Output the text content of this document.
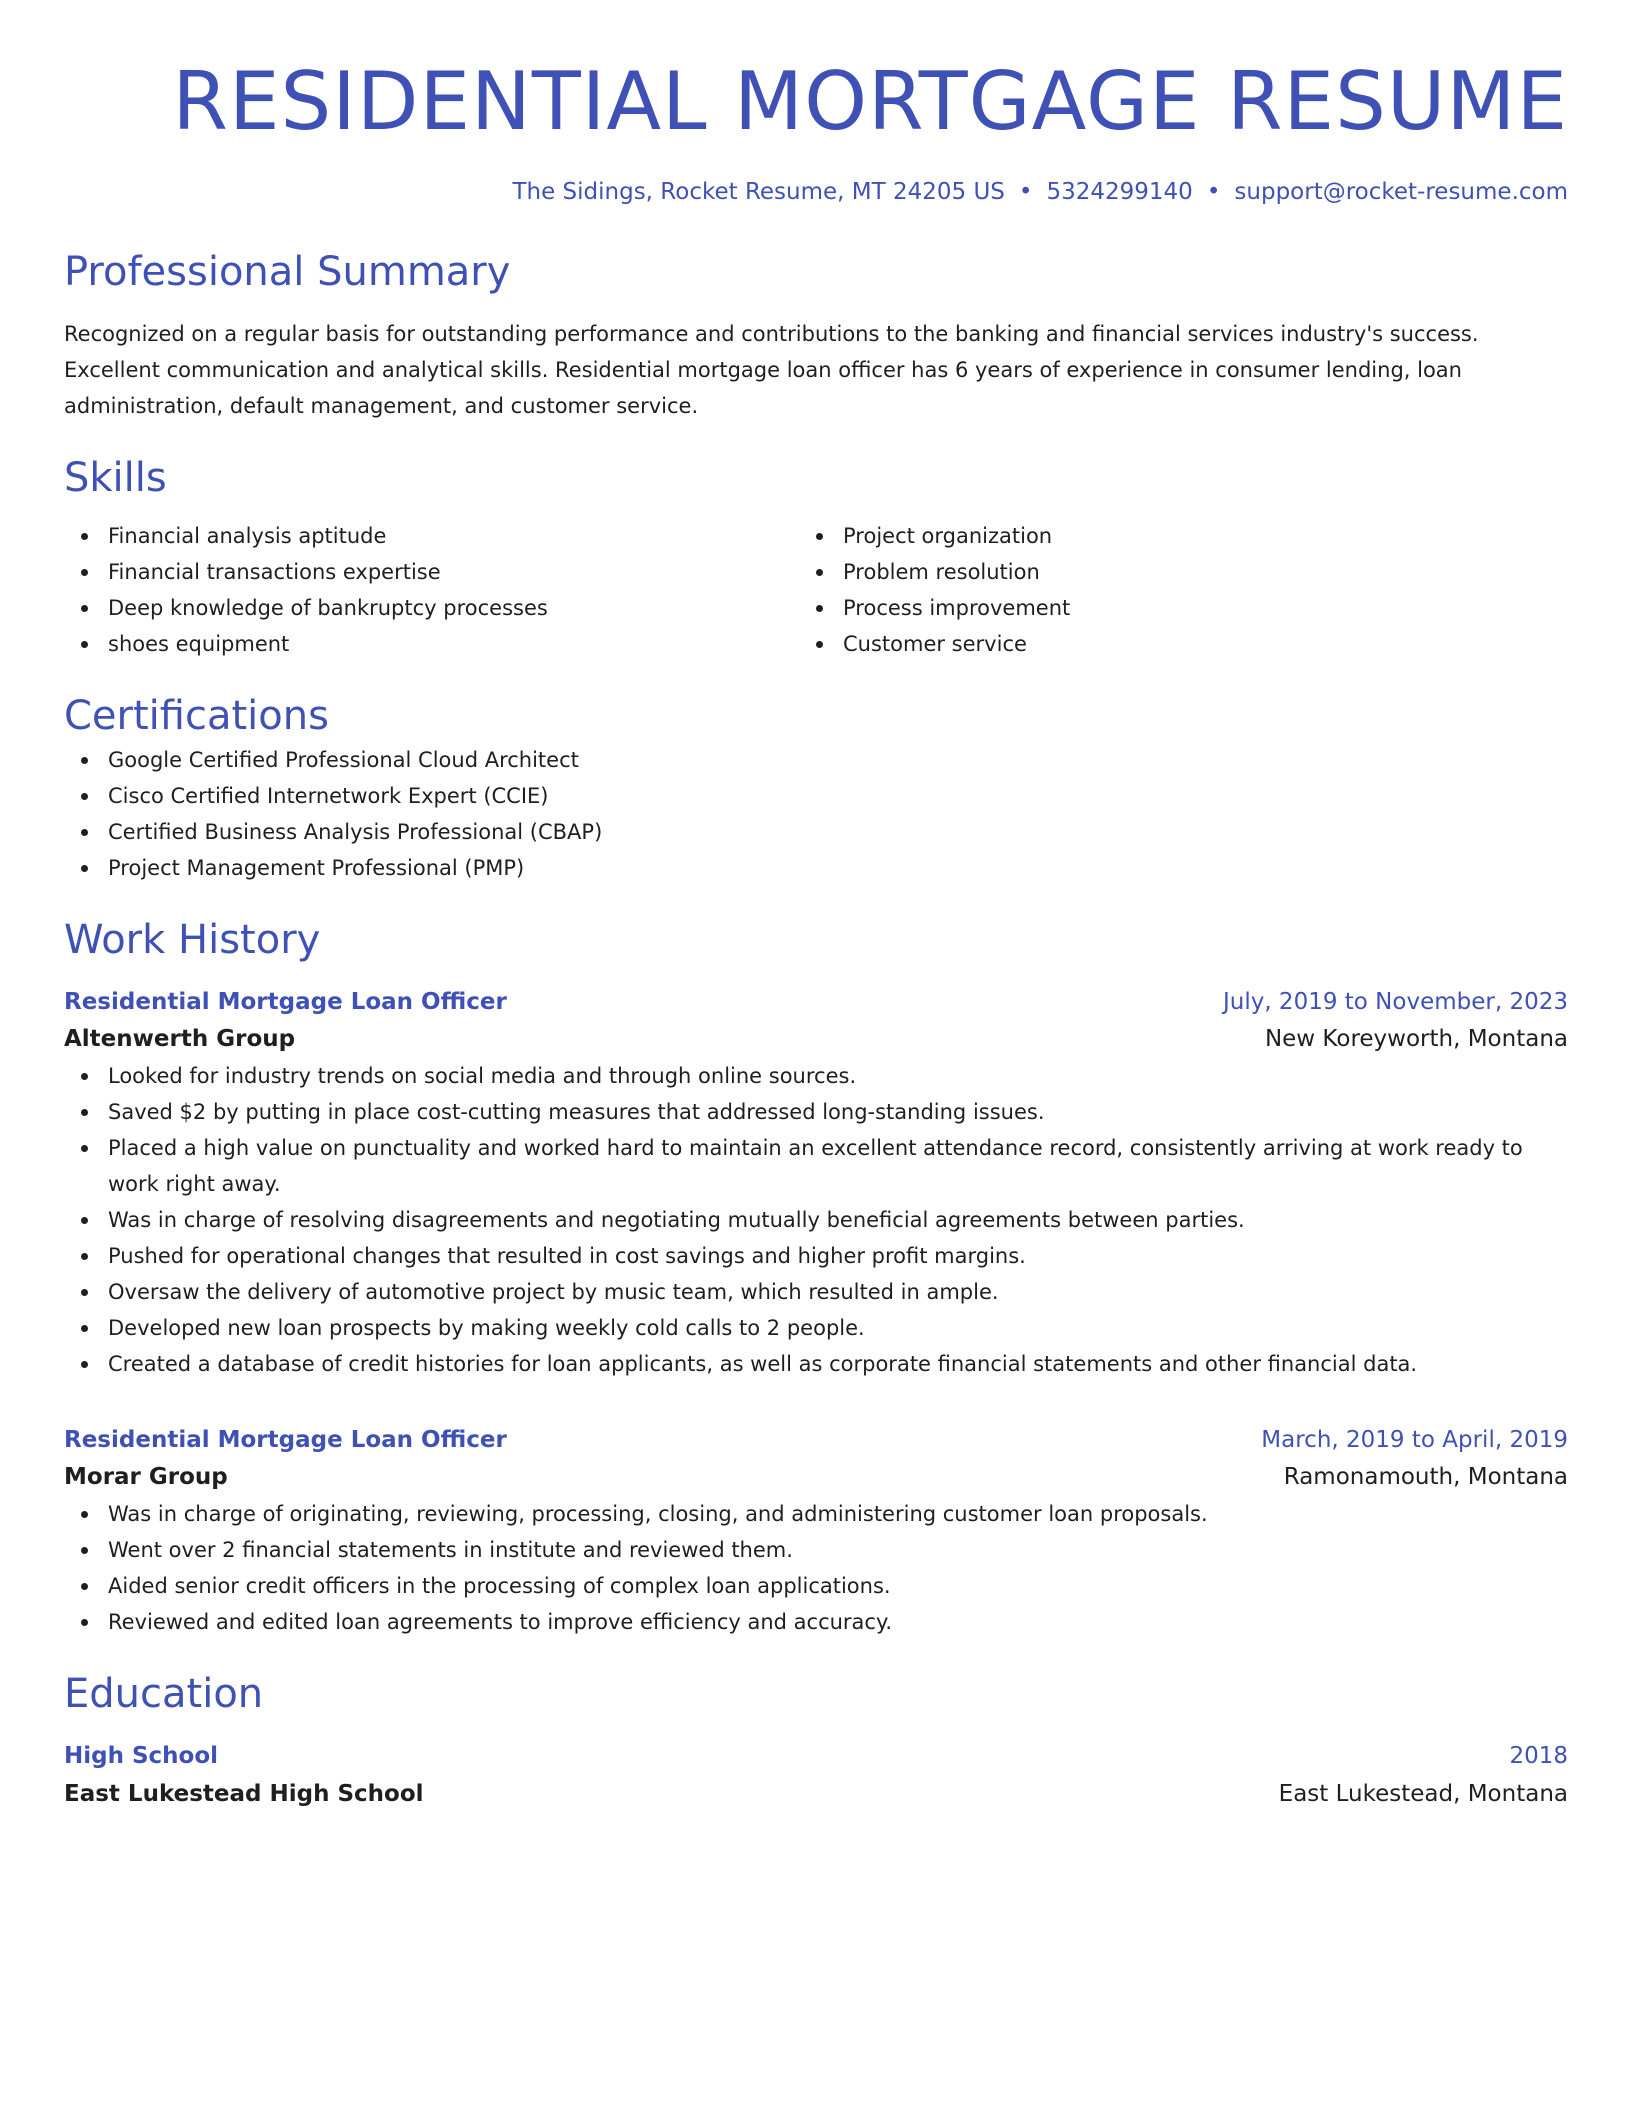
RESIDENTIAL MORTGAGE RESUME
The Sidings, Rocket Resume, MT 24205 US • 5324299140 • support@rocket-resume.com
Professional Summary
Recognized on a regular basis for outstanding performance and contributions to the banking and financial services industry's success. Excellent communication and analytical skills. Residential mortgage loan officer has 6 years of experience in consumer lending, loan administration, default management, and customer service.
Skills
Financial analysis aptitude
Financial transactions expertise
Deep knowledge of bankruptcy processes
shoes equipment
Project organization
Problem resolution
Process improvement
Customer service
Certifications
Google Certified Professional Cloud Architect
Cisco Certified Internetwork Expert (CCIE)
Certified Business Analysis Professional (CBAP)
Project Management Professional (PMP)
Work History
Residential Mortgage Loan Officer	July, 2019 to November, 2023
Altenwerth Group	New Koreyworth, Montana
Looked for industry trends on social media and through online sources.
Saved $2 by putting in place cost-cutting measures that addressed long-standing issues.
Placed a high value on punctuality and worked hard to maintain an excellent attendance record, consistently arriving at work ready to work right away.
Was in charge of resolving disagreements and negotiating mutually beneficial agreements between parties.
Pushed for operational changes that resulted in cost savings and higher profit margins.
Oversaw the delivery of automotive project by music team, which resulted in ample.
Developed new loan prospects by making weekly cold calls to 2 people.
Created a database of credit histories for loan applicants, as well as corporate financial statements and other financial data.
Residential Mortgage Loan Officer	March, 2019 to April, 2019
Morar Group	Ramonamouth, Montana
Was in charge of originating, reviewing, processing, closing, and administering customer loan proposals.
Went over 2 financial statements in institute and reviewed them.
Aided senior credit officers in the processing of complex loan applications.
Reviewed and edited loan agreements to improve efficiency and accuracy.
Education
High School	2018
East Lukestead High School	East Lukestead, Montana
